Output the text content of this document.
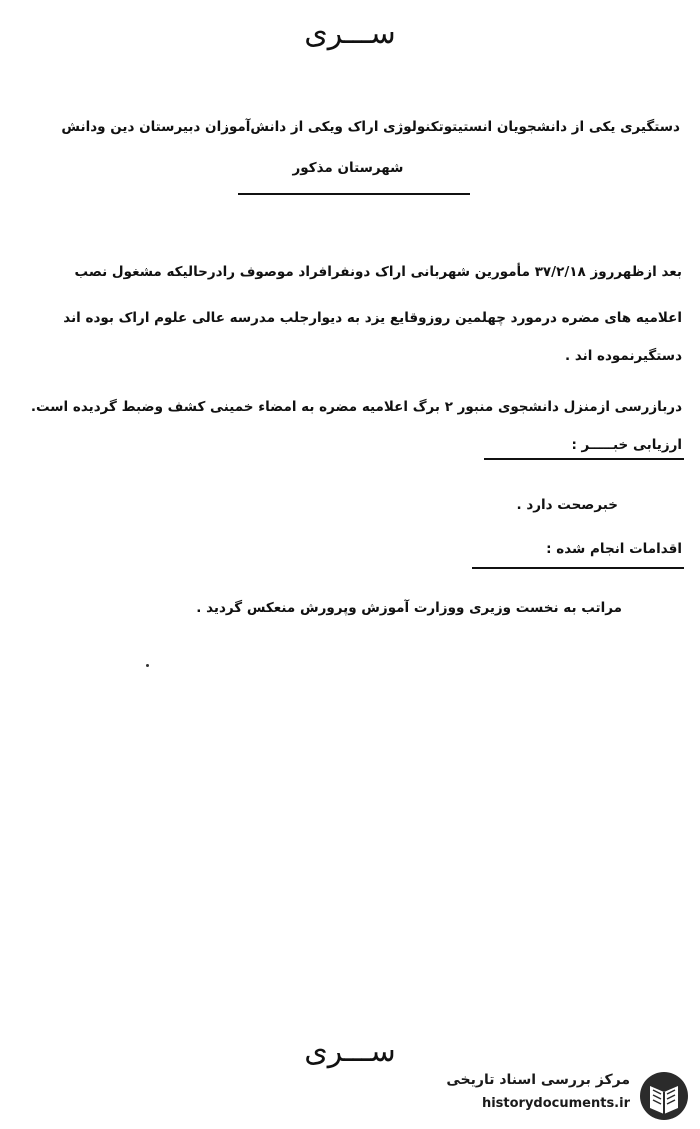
ســـری
دستگیری یکی از دانشجویان انستیتوتکنولوژی اراک ویکی از دانش‌آموزان دبیرستان دین ودانش
شهرستان مذکور
بعد ازظهرروز ۳۷/۲/۱۸ مأمورین شهربانی اراک دونفرافراد موصوف رادرحالیکه مشغول نصب
اعلامیه های مضره درمورد چهلمین روزوقایع یزد به دیوارجلب مدرسه عالی علوم اراک بوده اند
دستگیرنموده اند .
دربازرسی ازمنزل دانشجوی منبور ۲ برگ اعلامیه مضره به امضاء خمینی کشف وضبط گردیده است.
ارزیابی خبـــــر :
خبرصحت دارد .
اقدامات انجام شده :
مراتب به نخست وزیری ووزارت آموزش وپرورش منعکس گردید .
ســـری
مرکز بررسی اسناد تاریخی
historydocuments.ir
